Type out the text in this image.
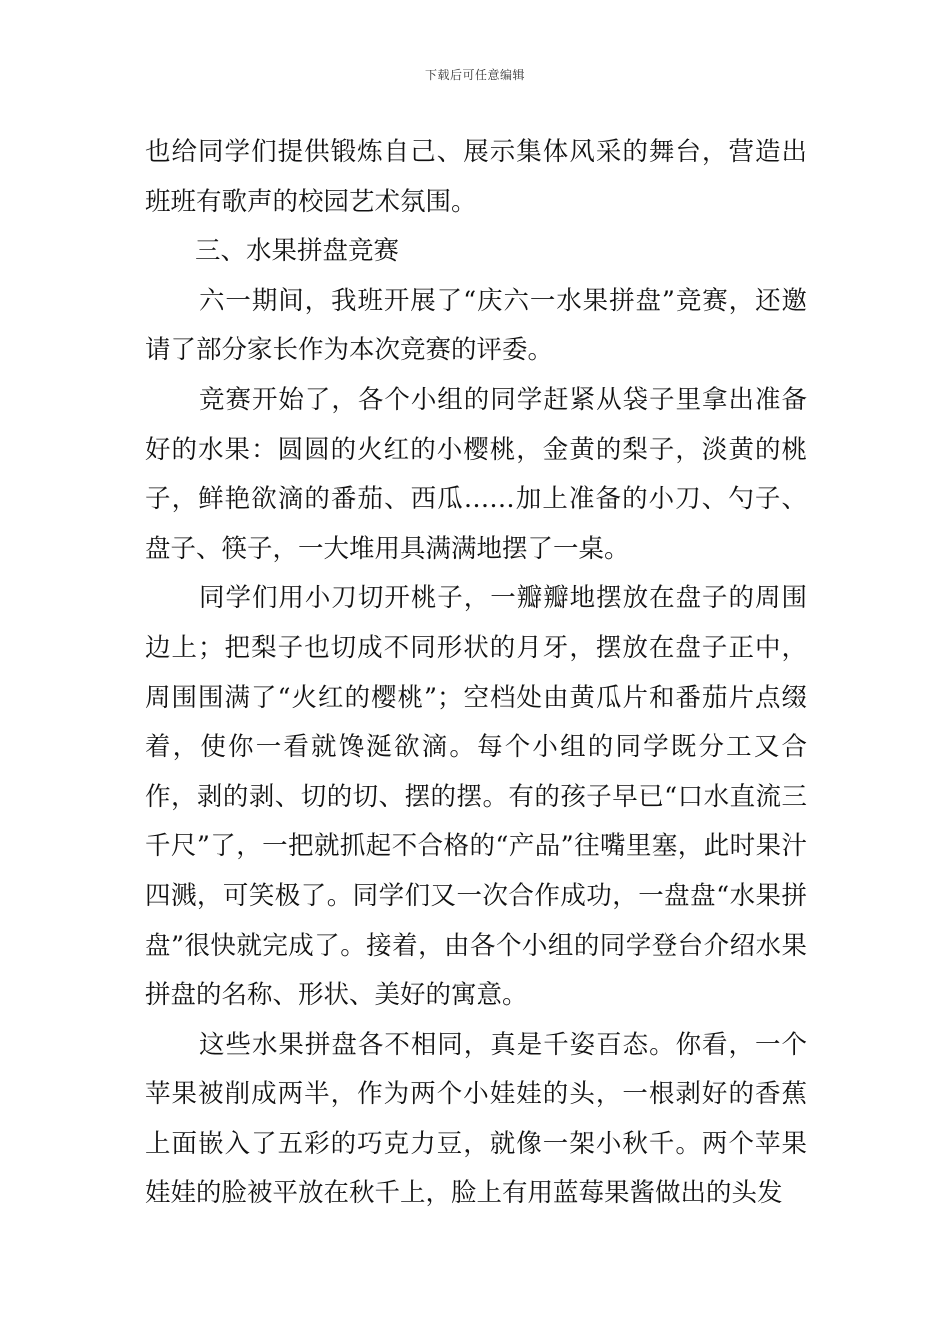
下载后可任意编辑

也给同学们提供锻炼自己、展示集体风采的舞台，营造出班班有歌声的校园艺术氛围。

三、水果拼盘竞赛

六一期间，我班开展了“庆六一水果拼盘”竞赛，还邀请了部分家长作为本次竞赛的评委。

竞赛开始了，各个小组的同学赶紧从袋子里拿出准备好的水果：圆圆的火红的小樱桃，金黄的梨子，淡黄的桃子，鲜艳欲滴的番茄、西瓜……加上准备的小刀、勺子、盘子、筷子，一大堆用具满满地摆了一桌。

同学们用小刀切开桃子，一瓣瓣地摆放在盘子的周围边上；把梨子也切成不同形状的月牙，摆放在盘子正中，周围围满了“火红的樱桃”；空档处由黄瓜片和番茄片点缀着，使你一看就馋涎欲滴。每个小组的同学既分工又合作，剥的剥、切的切、摆的摆。有的孩子早已“口水直流三千尺”了，一把就抓起不合格的“产品”往嘴里塞，此时果汁四溅，可笑极了。同学们又一次合作成功，一盘盘“水果拼盘”很快就完成了。接着，由各个小组的同学登台介绍水果拼盘的名称、形状、美好的寓意。

这些水果拼盘各不相同，真是千姿百态。你看，一个苹果被削成两半，作为两个小娃娃的头，一根剥好的香蕉上面嵌入了五彩的巧克力豆，就像一架小秋千。两个苹果娃娃的脸被平放在秋千上，脸上有用蓝莓果酱做出的头发
